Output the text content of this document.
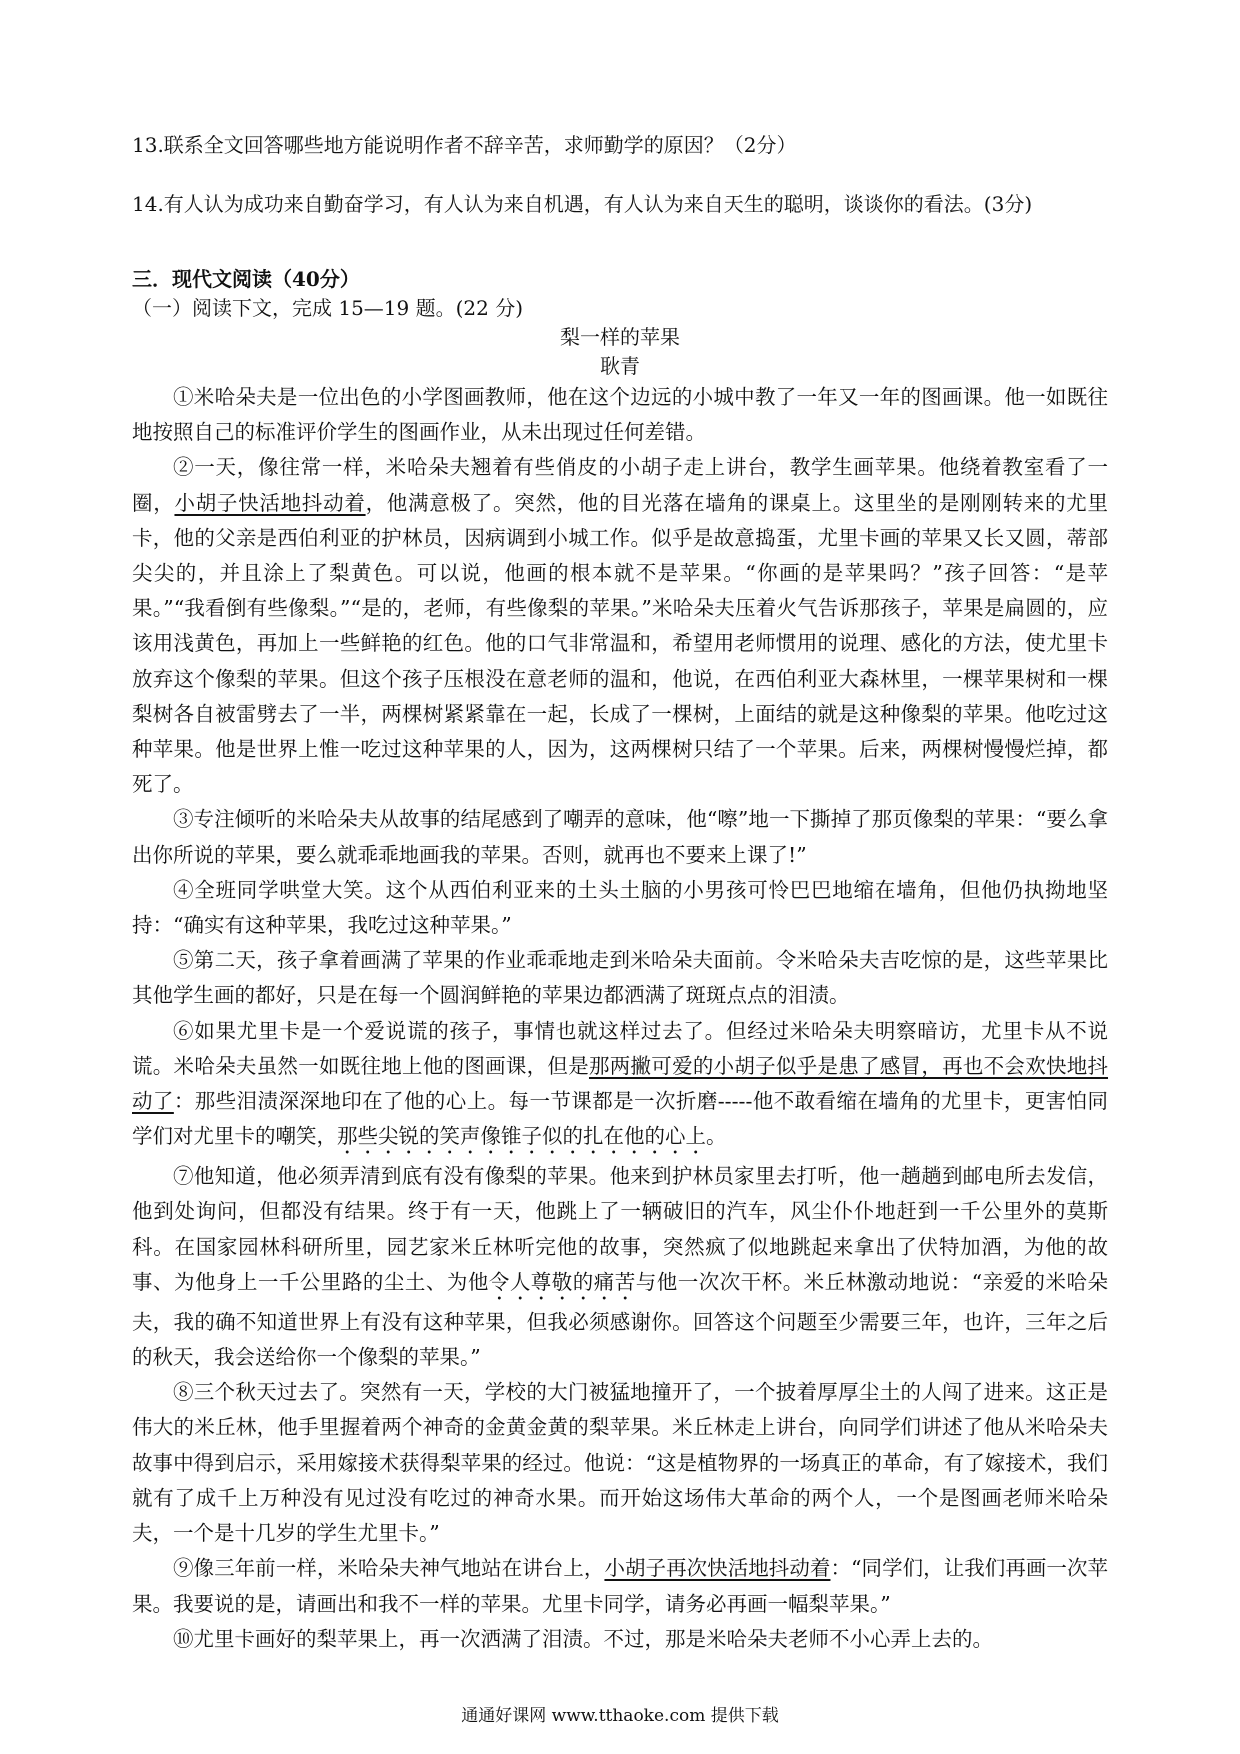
13.联系全文回答哪些地方能说明作者不辞辛苦，求师勤学的原因？（2分）
14.有人认为成功来自勤奋学习，有人认为来自机遇，有人认为来自天生的聪明，谈谈你的看法。(3分)
三．现代文阅读（40分）
（一）阅读下文，完成 15—19 题。(22 分)
梨一样的苹果
耿青

①米哈朵夫是一位出色的小学图画教师，他在这个边远的小城中教了一年又一年的图画课。他一如既往地按照自己的标准评价学生的图画作业，从未出现过任何差错。

②一天，像往常一样，米哈朵夫翘着有些俏皮的小胡子走上讲台，教学生画苹果。他绕着教室看了一圈，小胡子快活地抖动着，他满意极了。突然，他的目光落在墙角的课桌上。这里坐的是刚刚转来的尤里卡，他的父亲是西伯利亚的护林员，因病调到小城工作。似乎是故意捣蛋，尤里卡画的苹果又长又圆，蒂部尖尖的，并且涂上了梨黄色。可以说，他画的根本就不是苹果。“你画的是苹果吗？”孩子回答：“是苹果。”“我看倒有些像梨。”“是的，老师，有些像梨的苹果。”米哈朵夫压着火气告诉那孩子，苹果是扁圆的，应该用浅黄色，再加上一些鲜艳的红色。他的口气非常温和，希望用老师惯用的说理、感化的方法，使尤里卡放弃这个像梨的苹果。但这个孩子压根没在意老师的温和，他说，在西伯利亚大森林里，一棵苹果树和一棵梨树各自被雷劈去了一半，两棵树紧紧靠在一起，长成了一棵树，上面结的就是这种像梨的苹果。他吃过这种苹果。他是世界上惟一吃过这种苹果的人，因为，这两棵树只结了一个苹果。后来，两棵树慢慢烂掉，都死了。

③专注倾听的米哈朵夫从故事的结尾感到了嘲弄的意味，他“嚓”地一下撕掉了那页像梨的苹果：“要么拿出你所说的苹果，要么就乖乖地画我的苹果。否则，就再也不要来上课了!”

④全班同学哄堂大笑。这个从西伯利亚来的土头土脑的小男孩可怜巴巴地缩在墙角，但他仍执拗地坚持：“确实有这种苹果，我吃过这种苹果。”

⑤第二天，孩子拿着画满了苹果的作业乖乖地走到米哈朵夫面前。令米哈朵夫吉吃惊的是，这些苹果比其他学生画的都好，只是在每一个圆润鲜艳的苹果边都洒满了斑斑点点的泪渍。

⑥如果尤里卡是一个爱说谎的孩子，事情也就这样过去了。但经过米哈朵夫明察暗访，尤里卡从不说谎。米哈朵夫虽然一如既往地上他的图画课，但是那两撇可爱的小胡子似乎是患了感冒，再也不会欢快地抖动了：那些泪渍深深地印在了他的心上。每一节课都是一次折磨-----他不敢看缩在墙角的尤里卡，更害怕同学们对尤里卡的嘲笑，那些尖锐的笑声像锥子似的扎在他的心上。

⑦他知道，他必须弄清到底有没有像梨的苹果。他来到护林员家里去打听，他一趟趟到邮电所去发信，他到处询问，但都没有结果。终于有一天，他跳上了一辆破旧的汽车，风尘仆仆地赶到一千公里外的莫斯科。在国家园林科研所里，园艺家米丘林听完他的故事，突然疯了似地跳起来拿出了伏特加酒，为他的故事、为他身上一千公里路的尘土、为他令人尊敬的痛苦与他一次次干杯。米丘林激动地说：“亲爱的米哈朵夫，我的确不知道世界上有没有这种苹果，但我必须感谢你。回答这个问题至少需要三年，也许，三年之后的秋天，我会送给你一个像梨的苹果。”

⑧三个秋天过去了。突然有一天，学校的大门被猛地撞开了，一个披着厚厚尘土的人闯了进来。这正是伟大的米丘林，他手里握着两个神奇的金黄金黄的梨苹果。米丘林走上讲台，向同学们讲述了他从米哈朵夫故事中得到启示，采用嫁接术获得梨苹果的经过。他说：“这是植物界的一场真正的革命，有了嫁接术，我们就有了成千上万种没有见过没有吃过的神奇水果。而开始这场伟大革命的两个人，一个是图画老师米哈朵夫，一个是十几岁的学生尤里卡。”

⑨像三年前一样，米哈朵夫神气地站在讲台上，小胡子再次快活地抖动着：“同学们，让我们再画一次苹果。我要说的是，请画出和我不一样的苹果。尤里卡同学，请务必再画一幅梨苹果。”

⑩尤里卡画好的梨苹果上，再一次洒满了泪渍。不过，那是米哈朵夫老师不小心弄上去的。

通通好课网 www.tthaoke.com 提供下载
